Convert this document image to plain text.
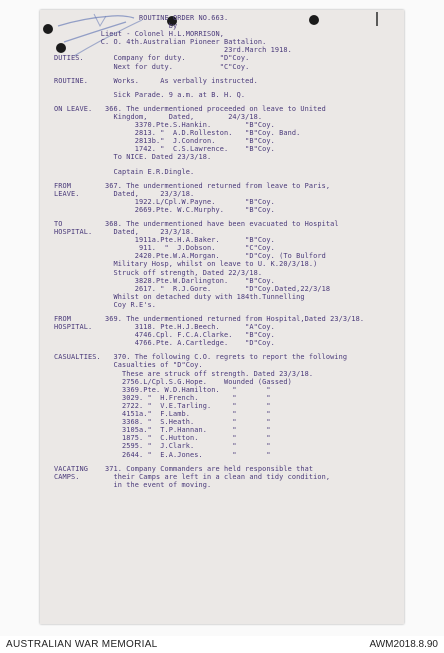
ROUTINE ORDER NO.663.
by
Lieut - Colonel H.L.MORRISON,
C. O. 4th.Australian Pioneer Battalion.
23rd.March 1918.
DUTIES.       Company for duty.        "D"Coy.
Next for duty.           "C"Coy.
ROUTINE.      Works.     As verbally instructed.
Sick Parade. 9 a.m. at B. H. Q.
ON LEAVE.   366. The undermentioned proceeded on leave to United
Kingdom,     Dated,        24/3/18.
3370.Pte.S.Hankin.        "B"Coy.
2813. "  A.D.Rolleston.   "B"Coy. Band.
2813b."  J.Condron.       "B"Coy.
1742. "  C.S.Lawrence.    "B"Coy.
To NICE. Dated 23/3/18.
Captain E.R.Dingle.
FROM        367. The undermentioned returned from leave to Paris,
LEAVE.        Dated,     23/3/18.
1922.L/Cpl.W.Payne.       "B"Coy.
2669.Pte. W.C.Murphy.     "B"Coy.
TO          368. The undermentioned have been evacuated to Hospital
HOSPITAL.     Dated,     23/3/18.
1911a.Pte.H.A.Baker.      "B"Coy.
911.  "  J.Dobson.       "C"Coy.
2420.Pte.W.A.Morgan.      "D"Coy. (To Bulford
Military Hosp, whilst on leave to U. K.20/3/18.)
Struck off strength, Dated 22/3/18.
3828.Pte.W.Darlington.    "B"Coy.
2617. "  R.J.Gore.        "D"Coy.Dated,22/3/18
Whilst on detached duty with 184th.Tunnelling
Coy R.E's.
FROM        369. The undermentioned returned from Hospital,Dated 23/3/18.
HOSPITAL.          3118. Pte.H.J.Beech.      "A"Coy.
4746.Cpl. F.C.A.Clarke.   "B"Coy.
4766.Pte. A.Cartledge.    "D"Coy.
CASUALTIES.   370. The following C.O. regrets to report the following
Casualties of "D"Coy.
These are struck off strength. Dated 23/3/18.
2756.L/Cpl.S.G.Hope.    Wounded (Gassed)
3369.Pte. W.D.Hamilton.   "       "
3029. "  H.French.        "       "
2722. "  V.E.Tarling.     "       "
4151a."  F.Lamb.          "       "
3368. "  S.Heath.         "       "
3105a."  T.P.Hannan.      "       "
1875. "  C.Hutton.        "       "
2595. "  J.Clark.         "       "
2644. "  E.A.Jones.       "       "
VACATING    371. Company Commanders are held responsible that
CAMPS.        their Camps are left in a clean and tidy condition,
in the event of moving.
AUSTRALIAN WAR MEMORIAL	AWM2018.8.90
